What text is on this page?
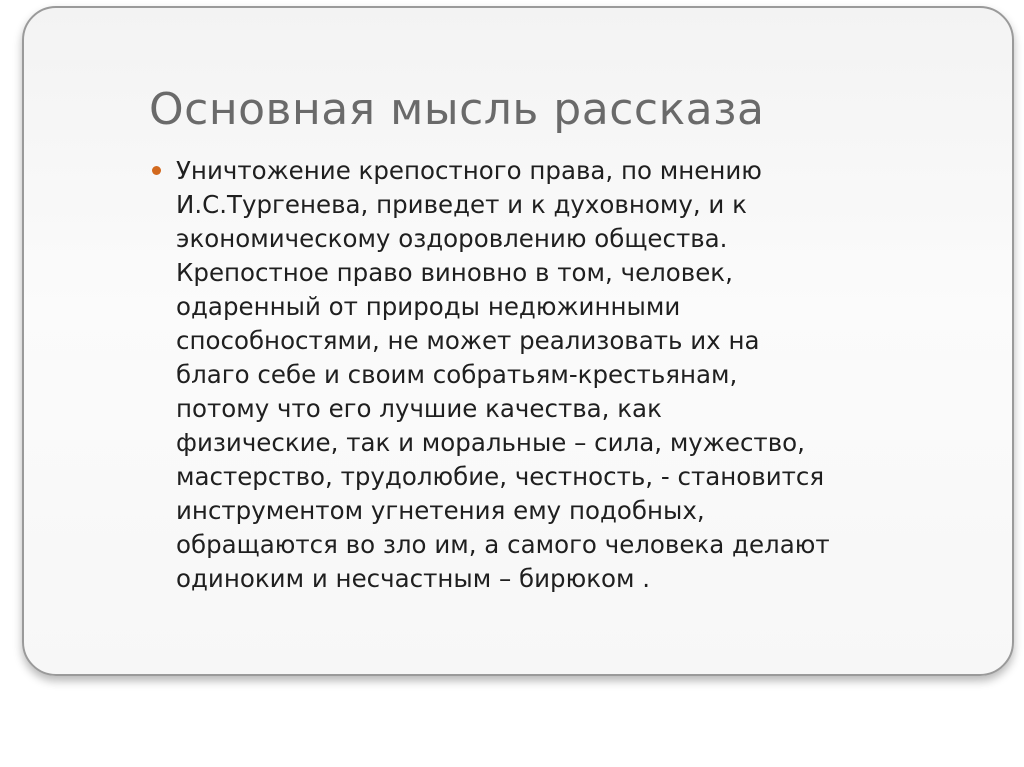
Основная мысль рассказа

Уничтожение крепостного права, по мнению
И.С.Тургенева, приведет и к духовному, и к
экономическому оздоровлению общества.
Крепостное право виновно в том, человек,
одаренный от природы недюжинными
способностями, не может реализовать их на
благо себе и своим собратьям-крестьянам,
потому что его лучшие качества, как
физические, так и моральные – сила, мужество,
мастерство, трудолюбие, честность, - становится
инструментом угнетения ему подобных,
обращаются во зло им, а самого человека делают
одиноким и несчастным – бирюком .
